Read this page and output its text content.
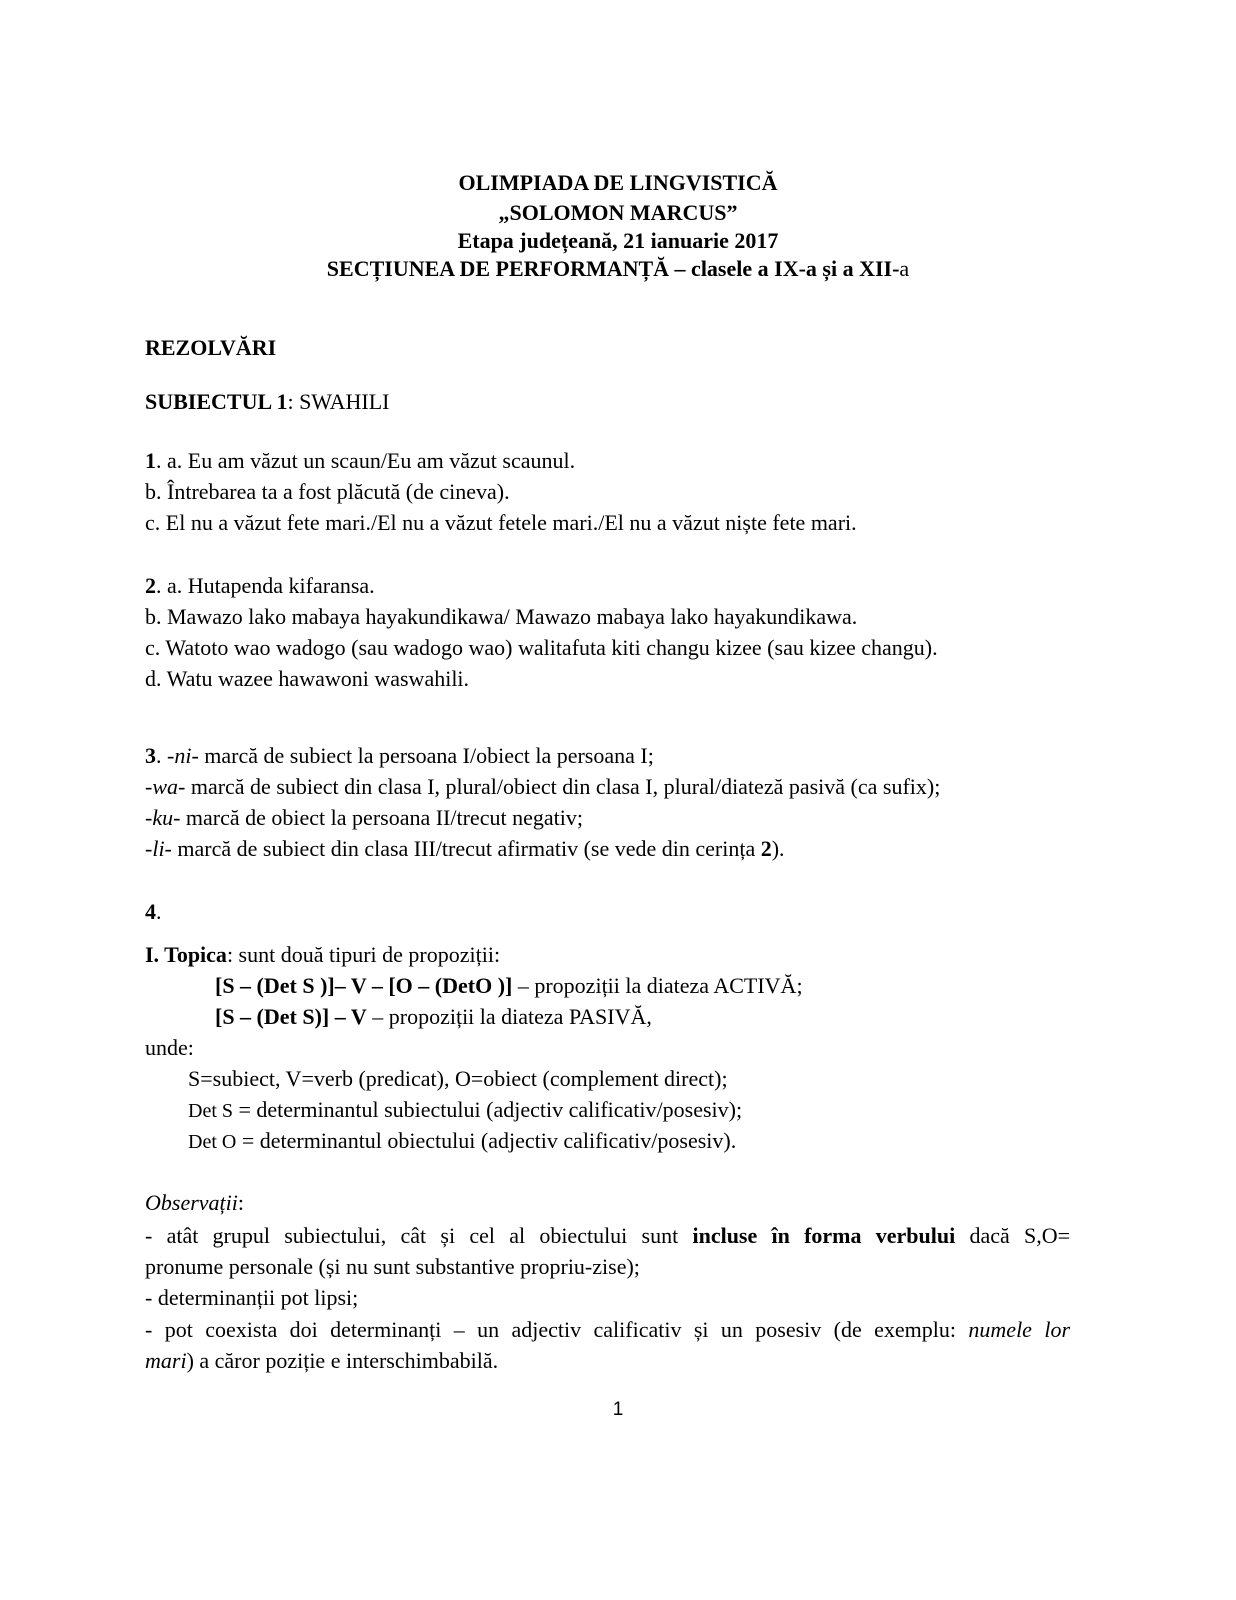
OLIMPIADA DE LINGVISTICĂ
„SOLOMON MARCUS”
Etapa județeană, 21 ianuarie 2017
SECȚIUNEA DE PERFORMANȚĂ – clasele a IX-a și a XII-a
REZOLVĂRI
SUBIECTUL 1: SWAHILI
1. a. Eu am văzut un scaun/Eu am văzut scaunul.
b. Întrebarea ta a fost plăcută (de cineva).
c. El nu a văzut fete mari./El nu a văzut fetele mari./El nu a văzut niște fete mari.
2. a. Hutapenda kifaransa.
b. Mawazo lako mabaya hayakundikawa/ Mawazo mabaya lako hayakundikawa.
c. Watoto wao wadogo (sau wadogo wao) walitafuta kiti changu kizee (sau kizee changu).
d. Watu wazee hawawoni waswahili.
3. -ni- marcă de subiect la persoana I/obiect la persoana I;
-wa- marcă de subiect din clasa I, plural/obiect din clasa I, plural/diateză pasivă (ca sufix);
-ku- marcă de obiect la persoana II/trecut negativ;
-li- marcă de subiect din clasa III/trecut afirmativ (se vede din cerința 2).
4.
I. Topica: sunt două tipuri de propoziții:
[S – (Det S )]– V – [O – (DetO )] – propoziții la diateza ACTIVĂ;
[S – (Det S)] – V – propoziții la diateza PASIVĂ,
unde:
S=subiect, V=verb (predicat), O=obiect (complement direct);
Det S = determinantul subiectului (adjectiv calificativ/posesiv);
Det O = determinantul obiectului (adjectiv calificativ/posesiv).
Observații:
- atât grupul subiectului, cât și cel al obiectului sunt incluse în forma verbului dacă S,O=
pronume personale (și nu sunt substantive propriu-zise);
- determinanții pot lipsi;
- pot coexista doi determinanți – un adjectiv calificativ și un posesiv (de exemplu: numele lor
mari) a căror poziție e interschimbabilă.
1
